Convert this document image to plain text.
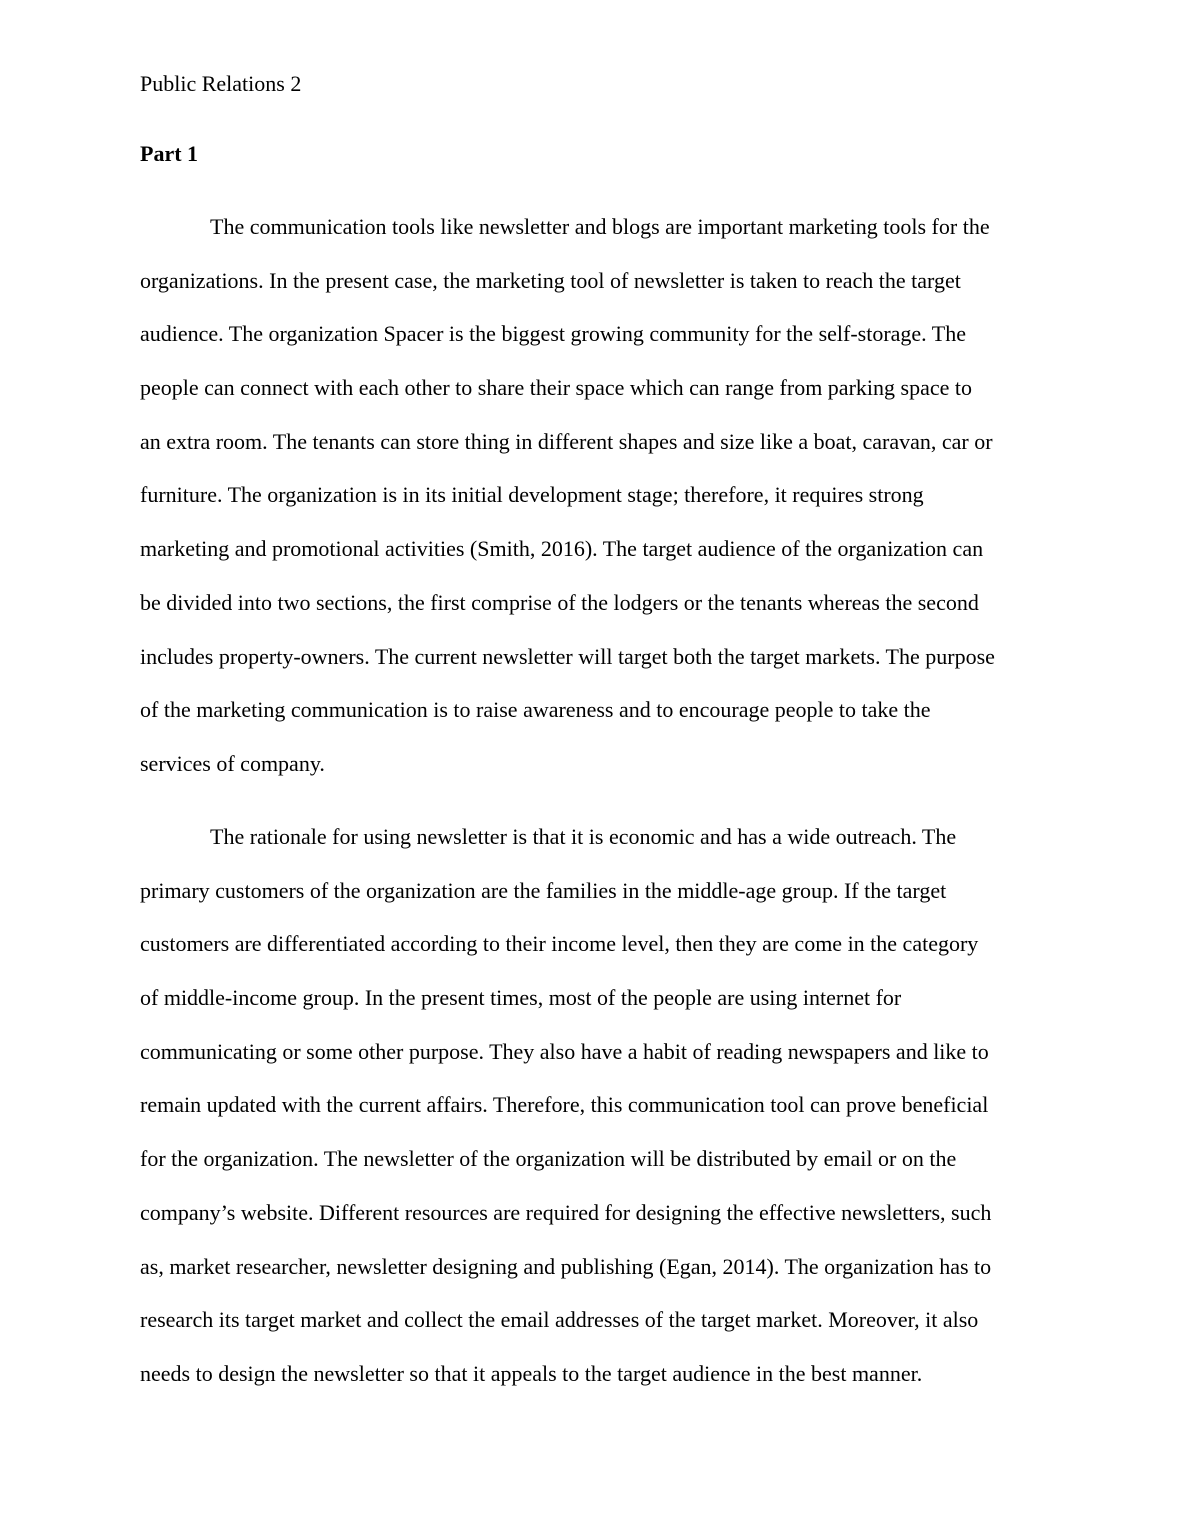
Public Relations 2
Part 1
The communication tools like newsletter and blogs are important marketing tools for the
organizations. In the present case, the marketing tool of newsletter is taken to reach the target
audience. The organization Spacer is the biggest growing community for the self-storage. The
people can connect with each other to share their space which can range from parking space to
an extra room. The tenants can store thing in different shapes and size like a boat, caravan, car or
furniture. The organization is in its initial development stage; therefore, it requires strong
marketing and promotional activities (Smith, 2016). The target audience of the organization can
be divided into two sections, the first comprise of the lodgers or the tenants whereas the second
includes property-owners. The current newsletter will target both the target markets. The purpose
of the marketing communication is to raise awareness and to encourage people to take the
services of company.
The rationale for using newsletter is that it is economic and has a wide outreach. The
primary customers of the organization are the families in the middle-age group. If the target
customers are differentiated according to their income level, then they are come in the category
of middle-income group. In the present times, most of the people are using internet for
communicating or some other purpose. They also have a habit of reading newspapers and like to
remain updated with the current affairs. Therefore, this communication tool can prove beneficial
for the organization. The newsletter of the organization will be distributed by email or on the
company’s website. Different resources are required for designing the effective newsletters, such
as, market researcher, newsletter designing and publishing (Egan, 2014). The organization has to
research its target market and collect the email addresses of the target market. Moreover, it also
needs to design the newsletter so that it appeals to the target audience in the best manner.
